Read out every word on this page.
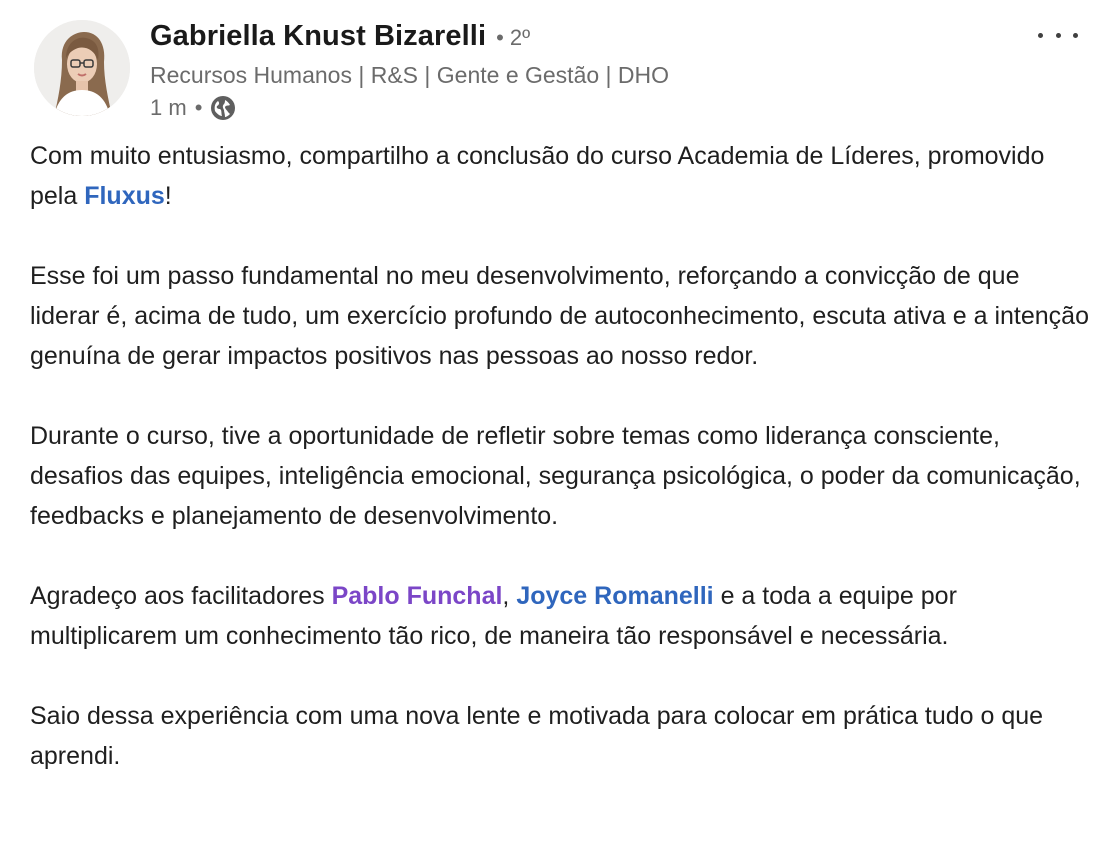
Gabriella Knust Bizarelli • 2º
Recursos Humanos | R&S | Gente e Gestão | DHO
1 m •

Com muito entusiasmo, compartilho a conclusão do curso Academia de Líderes, promovido pela Fluxus!

Esse foi um passo fundamental no meu desenvolvimento, reforçando a convicção de que liderar é, acima de tudo, um exercício profundo de autoconhecimento, escuta ativa e a intenção genuína de gerar impactos positivos nas pessoas ao nosso redor.

Durante o curso, tive a oportunidade de refletir sobre temas como liderança consciente, desafios das equipes, inteligência emocional, segurança psicológica, o poder da comunicação, feedbacks e planejamento de desenvolvimento.

Agradeço aos facilitadores Pablo Funchal, Joyce Romanelli e a toda a equipe por multiplicarem um conhecimento tão rico, de maneira tão responsável e necessária.

Saio dessa experiência com uma nova lente e motivada para colocar em prática tudo o que aprendi.
